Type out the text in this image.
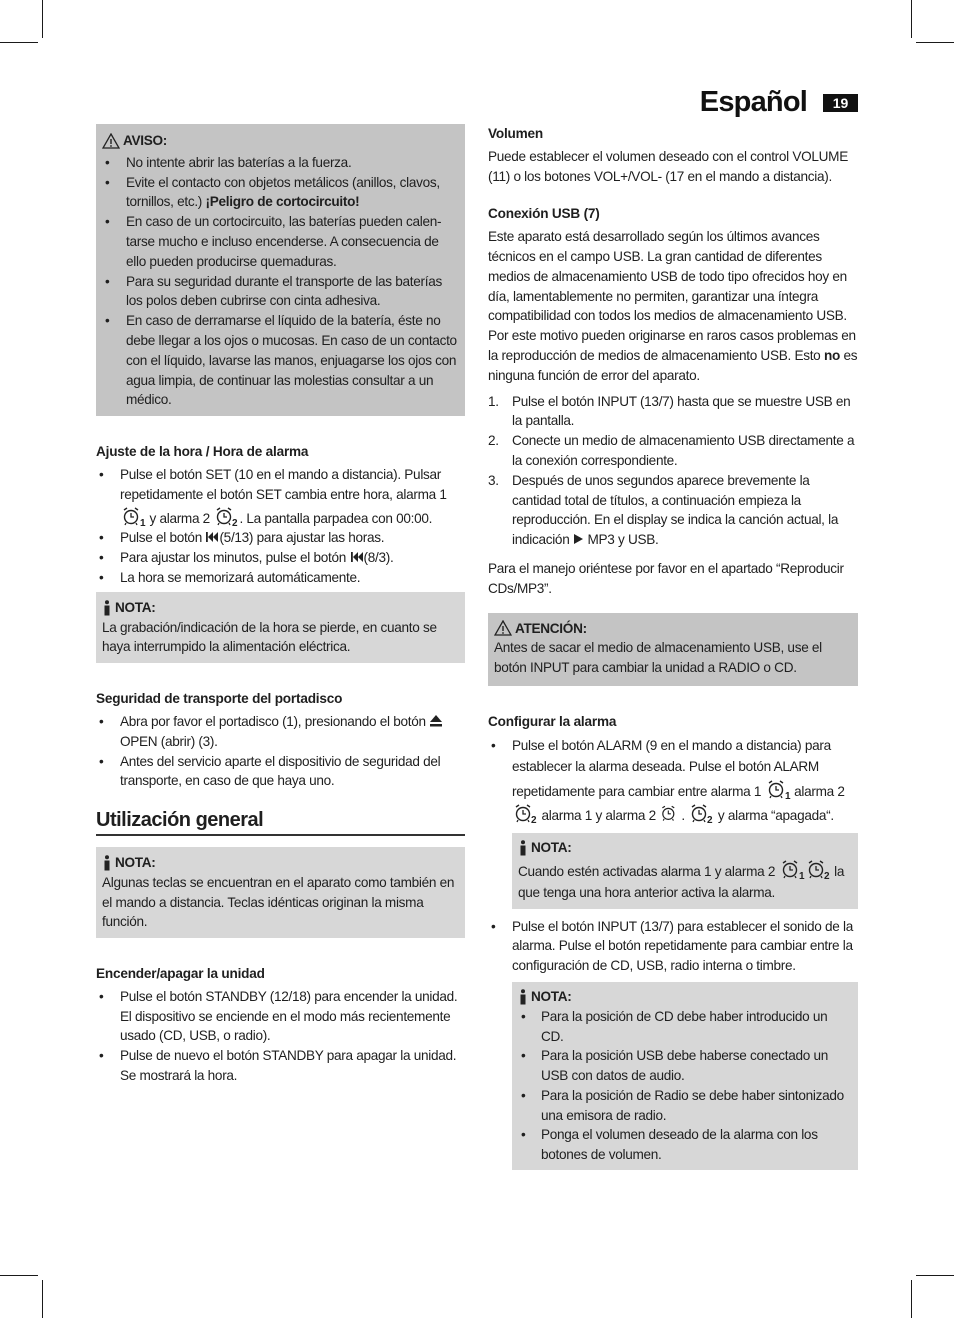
Español	19
AVISO:
• No intente abrir las baterías a la fuerza.
• Evite el contacto con objetos metálicos (anillos, clavos, tornillos, etc.) ¡Peligro de cortocircuito!
• En caso de un cortocircuito, las baterías pueden calentarse mucho e incluso encenderse. A consecuencia de ello pueden producirse quemaduras.
• Para su seguridad durante el transporte de las baterías los polos deben cubrirse con cinta adhesiva.
• En caso de derramarse el líquido de la batería, éste no debe llegar a los ojos o mucosas. En caso de un contacto con el líquido, lavarse las manos, enjuagarse los ojos con agua limpia, de continuar las molestias consultar a un médico.
Ajuste de la hora / Hora de alarma
• Pulse el botón SET (10 en el mando a distancia). Pulsar repetidamente el botón SET cambia entre hora, alarma 1
1 y alarma 2 2 . La pantalla parpadea con 00:00.
• Pulse el botón (5/13) para ajustar las horas.
• Para ajustar los minutos, pulse el botón (8/3).
• La hora se memorizará automáticamente.
NOTA:

La grabación/indicación de la hora se pierde, en cuanto se haya interrumpido la alimentación eléctrica.

Seguridad de transporte del portadisco
• Abra por favor el portadisco (1), presionando el botón
OPEN (abrir) (3).
• Antes del servicio aparte el dispositivio de seguridad del transporte, en caso de que haya uno.
Utilización general
NOTA:

Algunas teclas se encuentran en el aparato como también en el mando a distancia. Teclas idénticas originan la misma función.

Encender/apagar la unidad
• Pulse el botón STANDBY (12/18) para encender la unidad. El dispositivo se enciende en el modo más recientemente usado (CD, USB, o radio).
• Pulse de nuevo el botón STANDBY para apagar la unidad. Se mostrará la hora.
Volumen

Puede establecer el volumen deseado con el control VOLUME (11) o los botones VOL+/VOL- (17 en el mando a distancia).

Conexión USB (7)

Este aparato está desarrollado según los últimos avances técnicos en el campo USB. La gran cantidad de diferentes medios de almacenamiento USB de todo tipo ofrecidos hoy en día, lamentablemente no permiten, garantizar una íntegra compatibilidad con todos los medios de almacenamiento USB. Por este motivo pueden originarse en raros casos problemas en la reproducción de medios de almacenamiento USB. Esto no es ninguna función de error del aparato.

1. Pulse el botón INPUT (13/7) hasta que se muestre USB en la pantalla.
2. Conecte un medio de almacenamiento USB directamente a la conexión correspondiente.
3. Después de unos segundos aparece brevemente la cantidad total de títulos, a continuación empieza la reproducción. En el display se indica la canción actual, la indicación MP3 y USB.

Para el manejo oriéntese por favor en el apartado “Reproducir CDs/MP3”.

ATENCIÓN:

Antes de sacar el medio de almacenamiento USB, use el botón INPUT para cambiar la unidad a RADIO o CD.

Configurar la alarma
• Pulse el botón ALARM (9 en el mando a distancia) para establecer la alarma deseada. Pulse el botón ALARM repetidamente para cambiar entre alarma 1 1 alarma 2
2 alarma 1 y alarma 2 . 2 y alarma “apagada“.
NOTA:

Cuando estén activadas alarma 1 y alarma 2 1 2 la que tenga una hora anterior activa la alarma.

• Pulse el botón INPUT (13/7) para establecer el sonido de la alarma. Pulse el botón repetidamente para cambiar entre la configuración de CD, USB, radio interna o timbre.
NOTA:
• Para la posición de CD debe haber introducido un CD.
• Para la posición USB debe haberse conectado un USB con datos de audio.
• Para la posición de Radio se debe haber sintonizado una emisora de radio.
• Ponga el volumen deseado de la alarma con los botones de volumen.
